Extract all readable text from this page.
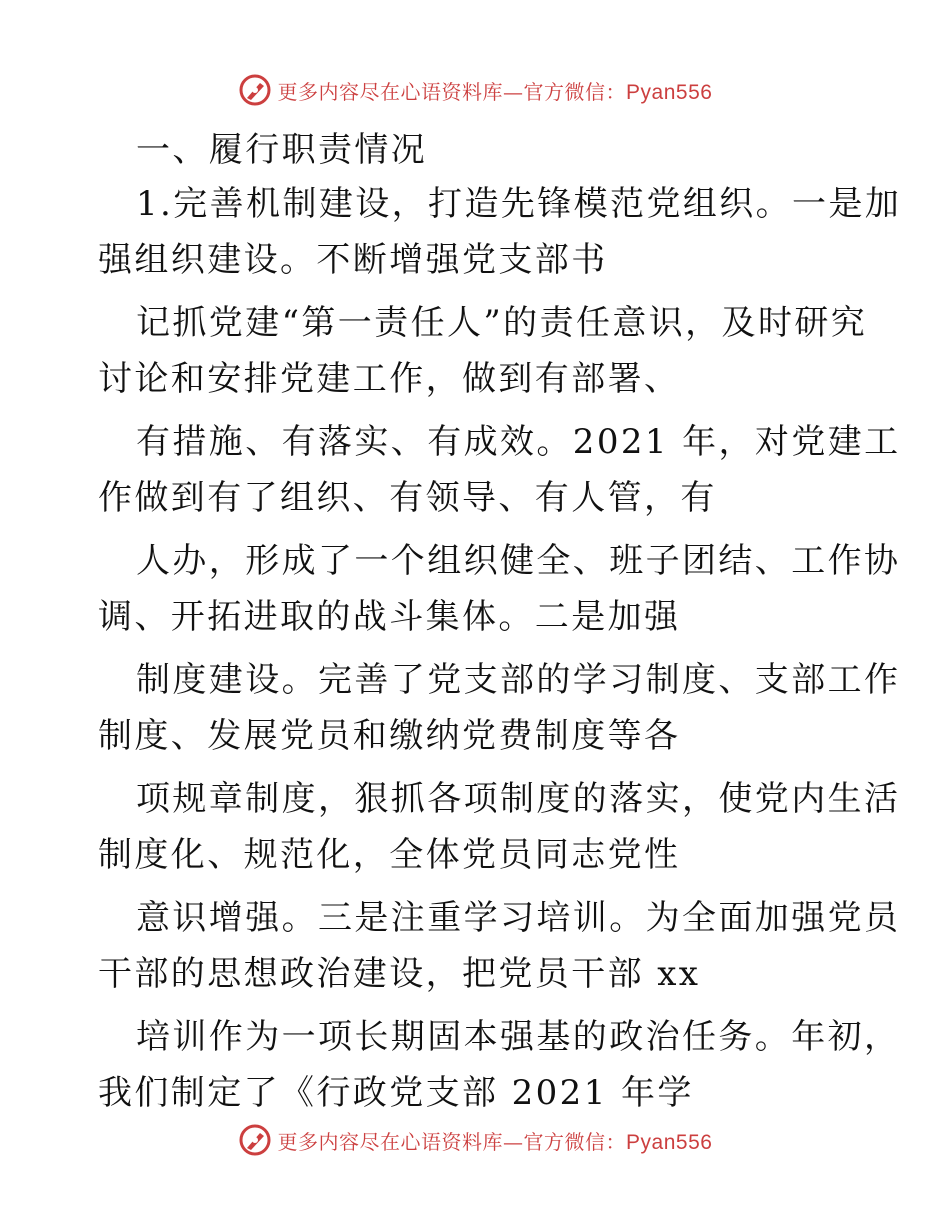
更多内容尽在心语资料库—官方微信：Pyan556
一、履行职责情况
1.完善机制建设，打造先锋模范党组织。一是加
强组织建设。不断增强党支部书
记抓党建“第一责任人”的责任意识，及时研究
讨论和安排党建工作，做到有部署、
有措施、有落实、有成效。2021 年，对党建工
作做到有了组织、有领导、有人管，有
人办，形成了一个组织健全、班子团结、工作协
调、开拓进取的战斗集体。二是加强
制度建设。完善了党支部的学习制度、支部工作
制度、发展党员和缴纳党费制度等各
项规章制度，狠抓各项制度的落实，使党内生活
制度化、规范化，全体党员同志党性
意识增强。三是注重学习培训。为全面加强党员
干部的思想政治建设，把党员干部 xx
培训作为一项长期固本强基的政治任务。年初，
我们制定了《行政党支部 2021 年学
更多内容尽在心语资料库—官方微信：Pyan556
